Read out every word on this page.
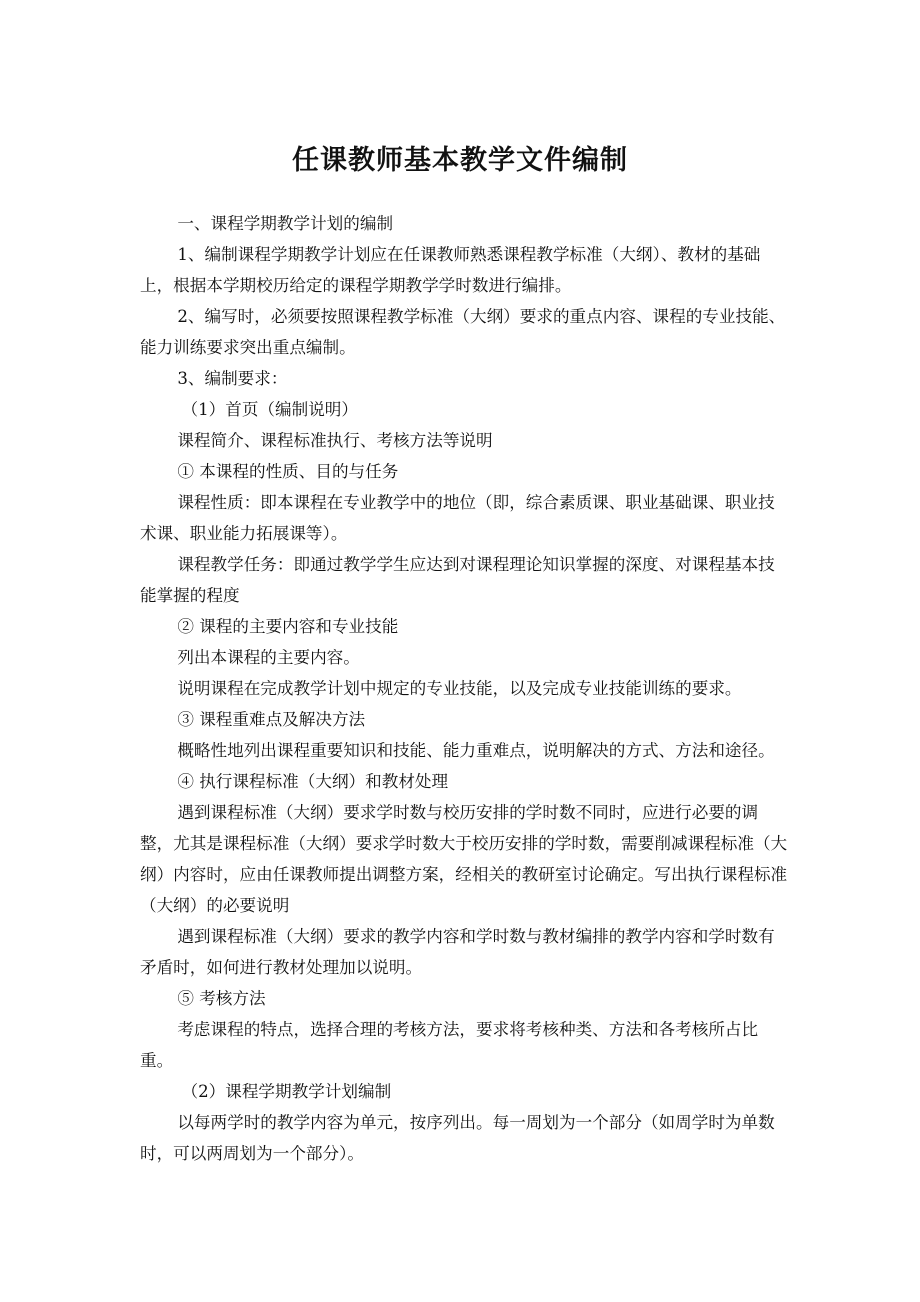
任课教师基本教学文件编制

一、课程学期教学计划的编制

1、编制课程学期教学计划应在任课教师熟悉课程教学标准（大纲）、教材的基础上，根据本学期校历给定的课程学期教学学时数进行编排。

2、编写时，必须要按照课程教学标准（大纲）要求的重点内容、课程的专业技能、能力训练要求突出重点编制。

3、编制要求：

（1）首页（编制说明）

课程简介、课程标准执行、考核方法等说明

① 本课程的性质、目的与任务

课程性质：即本课程在专业教学中的地位（即，综合素质课、职业基础课、职业技术课、职业能力拓展课等）。

课程教学任务：即通过教学学生应达到对课程理论知识掌握的深度、对课程基本技能掌握的程度

② 课程的主要内容和专业技能

列出本课程的主要内容。

说明课程在完成教学计划中规定的专业技能，以及完成专业技能训练的要求。

③ 课程重难点及解决方法

概略性地列出课程重要知识和技能、能力重难点，说明解决的方式、方法和途径。

④ 执行课程标准（大纲）和教材处理

遇到课程标准（大纲）要求学时数与校历安排的学时数不同时，应进行必要的调整，尤其是课程标准（大纲）要求学时数大于校历安排的学时数，需要削减课程标准（大纲）内容时，应由任课教师提出调整方案，经相关的教研室讨论确定。写出执行课程标准（大纲）的必要说明

遇到课程标准（大纲）要求的教学内容和学时数与教材编排的教学内容和学时数有矛盾时，如何进行教材处理加以说明。

⑤ 考核方法

考虑课程的特点，选择合理的考核方法，要求将考核种类、方法和各考核所占比重。

（2）课程学期教学计划编制

以每两学时的教学内容为单元，按序列出。每一周划为一个部分（如周学时为单数时，可以两周划为一个部分）。
